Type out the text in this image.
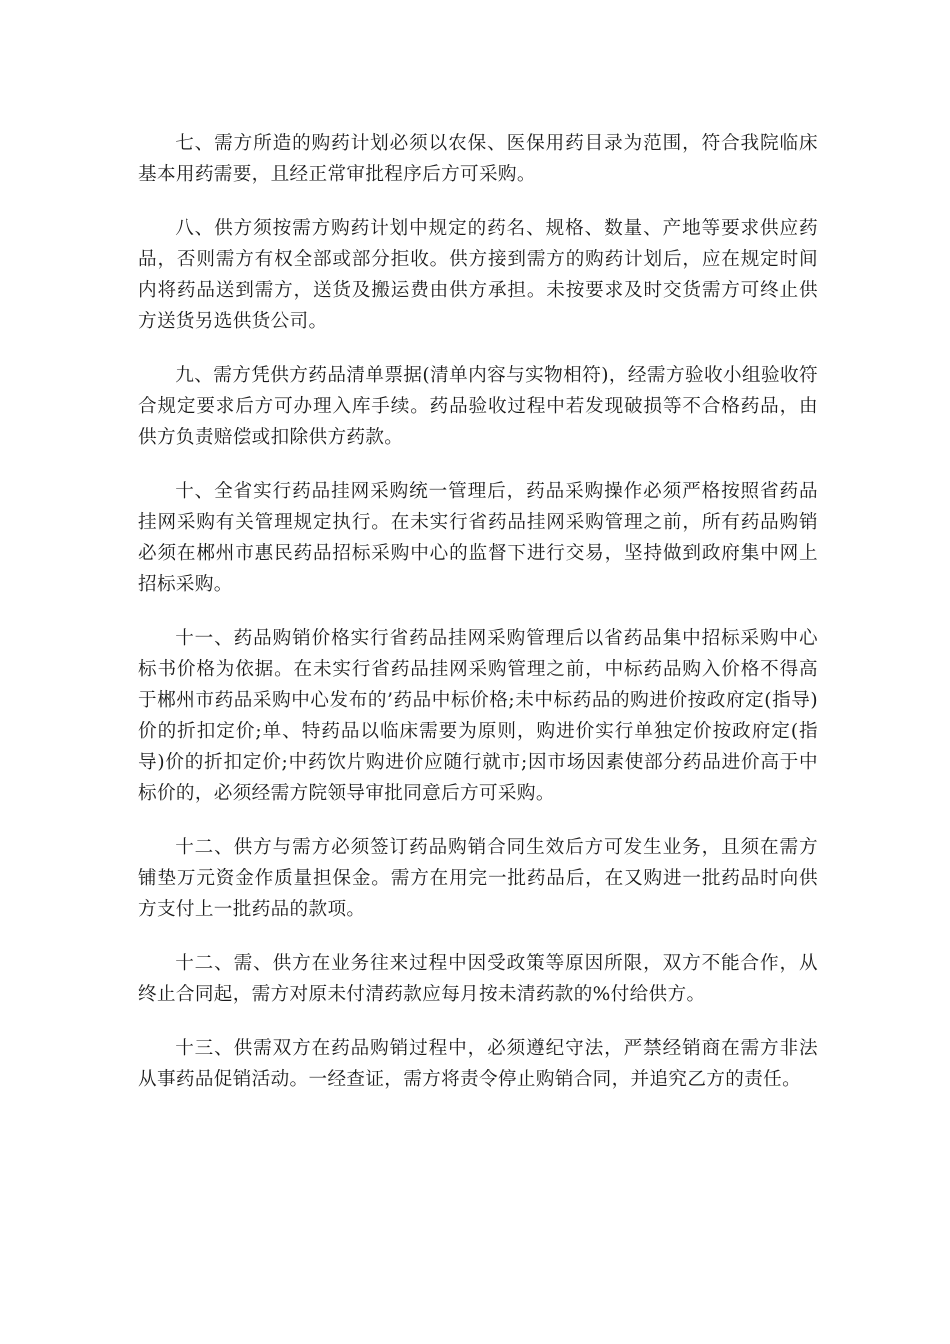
七、需方所造的购药计划必须以农保、医保用药目录为范围，符合我院临床基本用药需要，且经正常审批程序后方可采购。

八、供方须按需方购药计划中规定的药名、规格、数量、产地等要求供应药品，否则需方有权全部或部分拒收。供方接到需方的购药计划后，应在规定时间内将药品送到需方，送货及搬运费由供方承担。未按要求及时交货需方可终止供方送货另选供货公司。

九、需方凭供方药品清单票据(清单内容与实物相符)，经需方验收小组验收符合规定要求后方可办理入库手续。药品验收过程中若发现破损等不合格药品，由供方负责赔偿或扣除供方药款。

十、全省实行药品挂网采购统一管理后，药品采购操作必须严格按照省药品挂网采购有关管理规定执行。在未实行省药品挂网采购管理之前，所有药品购销必须在郴州市惠民药品招标采购中心的监督下进行交易，坚持做到政府集中网上招标采购。

十一、药品购销价格实行省药品挂网采购管理后以省药品集中招标采购中心标书价格为依据。在未实行省药品挂网采购管理之前，中标药品购入价格不得高于郴州市药品采购中心发布的’药品中标价格;未中标药品的购进价按政府定(指导)价的折扣定价;单、特药品以临床需要为原则，购进价实行单独定价按政府定(指导)价的折扣定价;中药饮片购进价应随行就市;因市场因素使部分药品进价高于中标价的，必须经需方院领导审批同意后方可采购。

十二、供方与需方必须签订药品购销合同生效后方可发生业务，且须在需方铺垫万元资金作质量担保金。需方在用完一批药品后，在又购进一批药品时向供方支付上一批药品的款项。

十二、需、供方在业务往来过程中因受政策等原因所限，双方不能合作，从终止合同起，需方对原未付清药款应每月按未清药款的%付给供方。

十三、供需双方在药品购销过程中，必须遵纪守法，严禁经销商在需方非法从事药品促销活动。一经查证，需方将责令停止购销合同，并追究乙方的责任。
